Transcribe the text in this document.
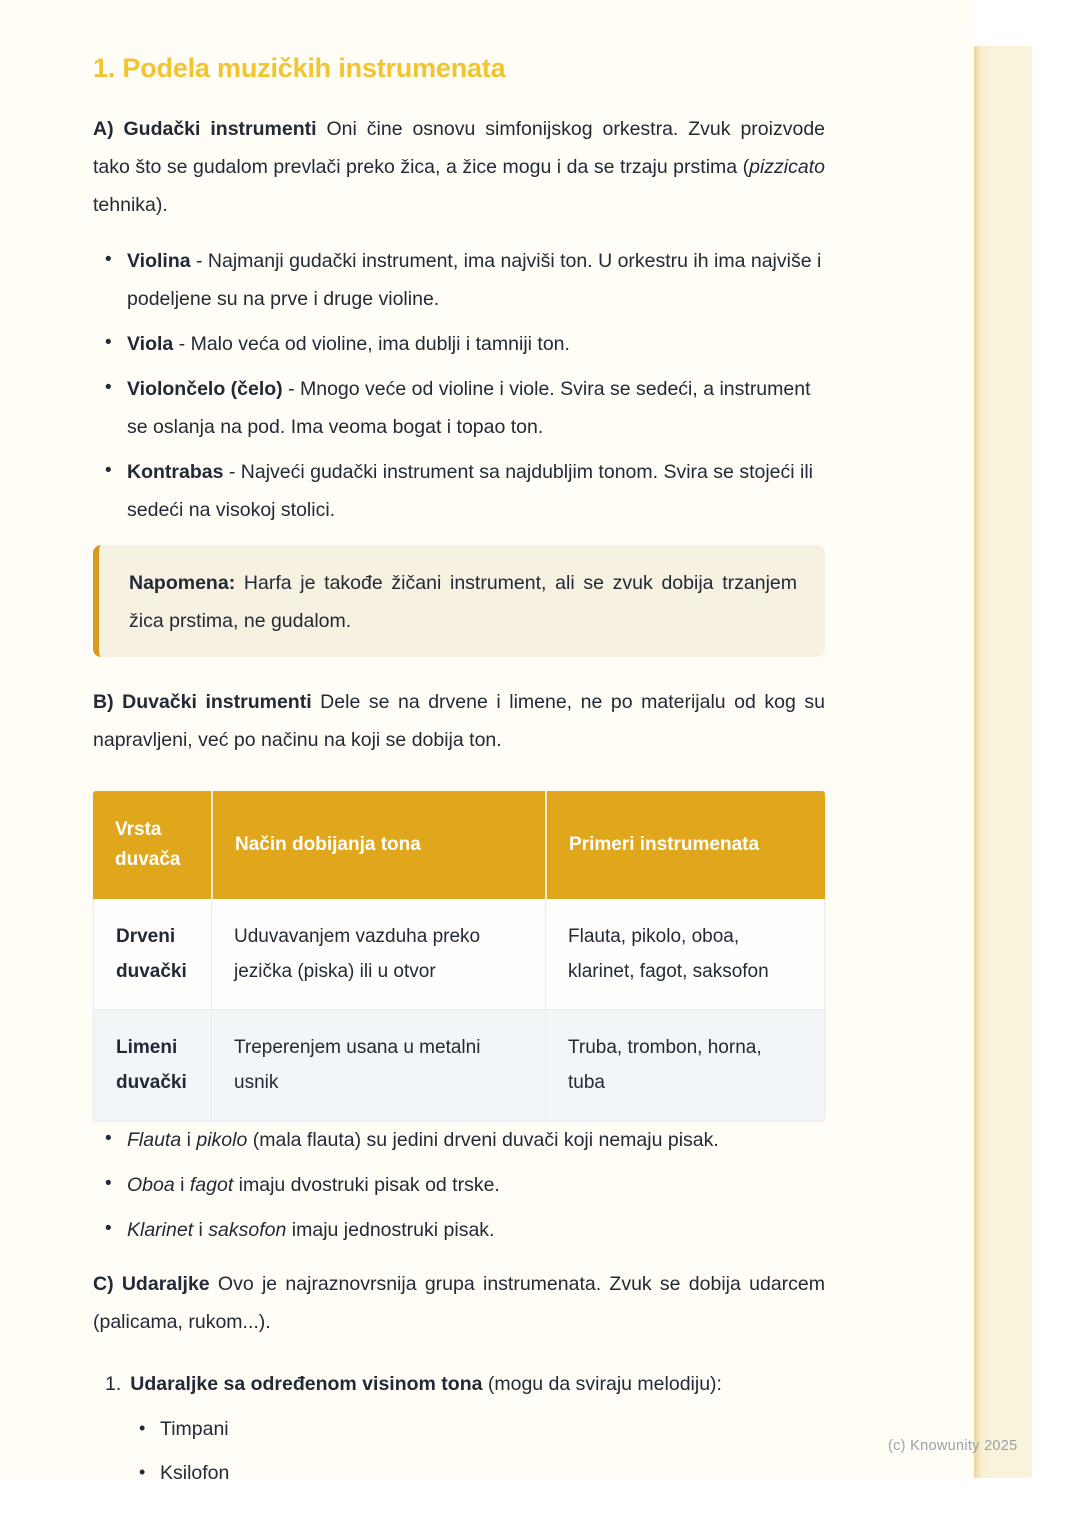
1. Podela muzičkih instrumenata

A) Gudački instrumenti Oni čine osnovu simfonijskog orkestra. Zvuk proizvode tako što se gudalom prevlači preko žica, a žice mogu i da se trzaju prstima (pizzicato tehnika).

• Violina - Najmanji gudački instrument, ima najviši ton. U orkestru ih ima najviše i podeljene su na prve i druge violine.
• Viola - Malo veća od violine, ima dublji i tamniji ton.
• Violončelo (čelo) - Mnogo veće od violine i viole. Svira se sedeći, a instrument se oslanja na pod. Ima veoma bogat i topao ton.
• Kontrabas - Najveći gudački instrument sa najdubljim tonom. Svira se stojeći ili sedeći na visokoj stolici.
Napomena: Harfa je takođe žičani instrument, ali se zvuk dobija trzanjem žica prstima, ne gudalom.

B) Duvački instrumenti Dele se na drvene i limene, ne po materijalu od kog su napravljeni, već po načinu na koji se dobija ton.

Vrsta duvača	Način dobijanja tona	Primeri instrumenata
Drveni duvački	Uduvavanjem vazduha preko jezička (piska) ili u otvor	Flauta, pikolo, oboa, klarinet, fagot, saksofon
Limeni duvački	Treperenjem usana u metalni usnik	Truba, trombon, horna, tuba
• Flauta i pikolo (mala flauta) su jedini drveni duvači koji nemaju pisak.
• Oboa i fagot imaju dvostruki pisak od trske.
• Klarinet i saksofon imaju jednostruki pisak.

C) Udaraljke Ovo je najraznovrsnija grupa instrumenata. Zvuk se dobija udarcem (palicama, rukom...).

1. Udaraljke sa određenom visinom tona (mogu da sviraju melodiju):
• Timpani
• Ksilofon
(c) Knowunity 2025
